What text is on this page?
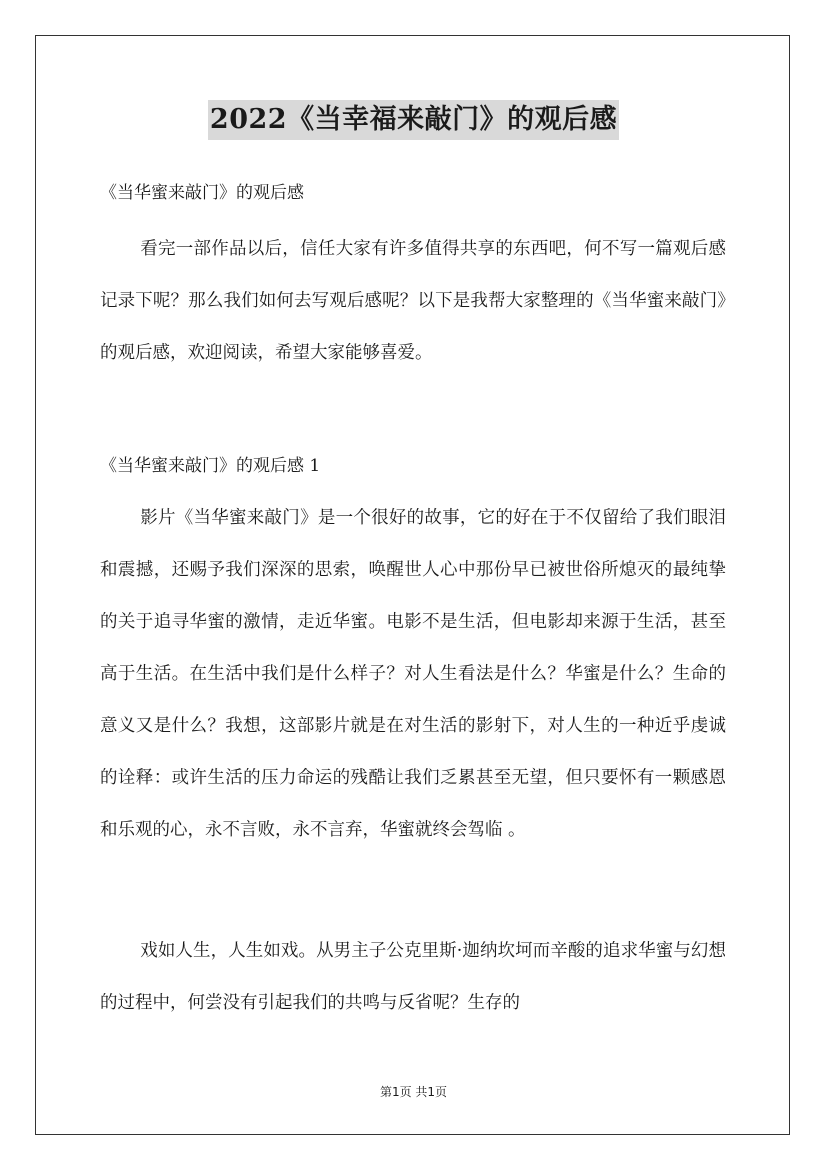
2022《当幸福来敲门》的观后感
《当华蜜来敲门》的观后感

看完一部作品以后，信任大家有许多值得共享的东西吧，何不写一篇观后感记录下呢？那么我们如何去写观后感呢？以下是我帮大家整理的《当华蜜来敲门》的观后感，欢迎阅读，希望大家能够喜爱。

《当华蜜来敲门》的观后感 1

影片《当华蜜来敲门》是一个很好的故事，它的好在于不仅留给了我们眼泪和震撼，还赐予我们深深的思索，唤醒世人心中那份早已被世俗所熄灭的最纯挚的关于追寻华蜜的激情，走近华蜜。电影不是生活，但电影却来源于生活，甚至高于生活。在生活中我们是什么样子？对人生看法是什么？华蜜是什么？生命的意义又是什么？我想，这部影片就是在对生活的影射下，对人生的一种近乎虔诚的诠释：或许生活的压力命运的残酷让我们乏累甚至无望，但只要怀有一颗感恩和乐观的心，永不言败，永不言弃，华蜜就终会驾临 。

戏如人生，人生如戏。从男主子公克里斯·迦纳坎坷而辛酸的追求华蜜与幻想的过程中，何尝没有引起我们的共鸣与反省呢？生存的

第1页 共1页
